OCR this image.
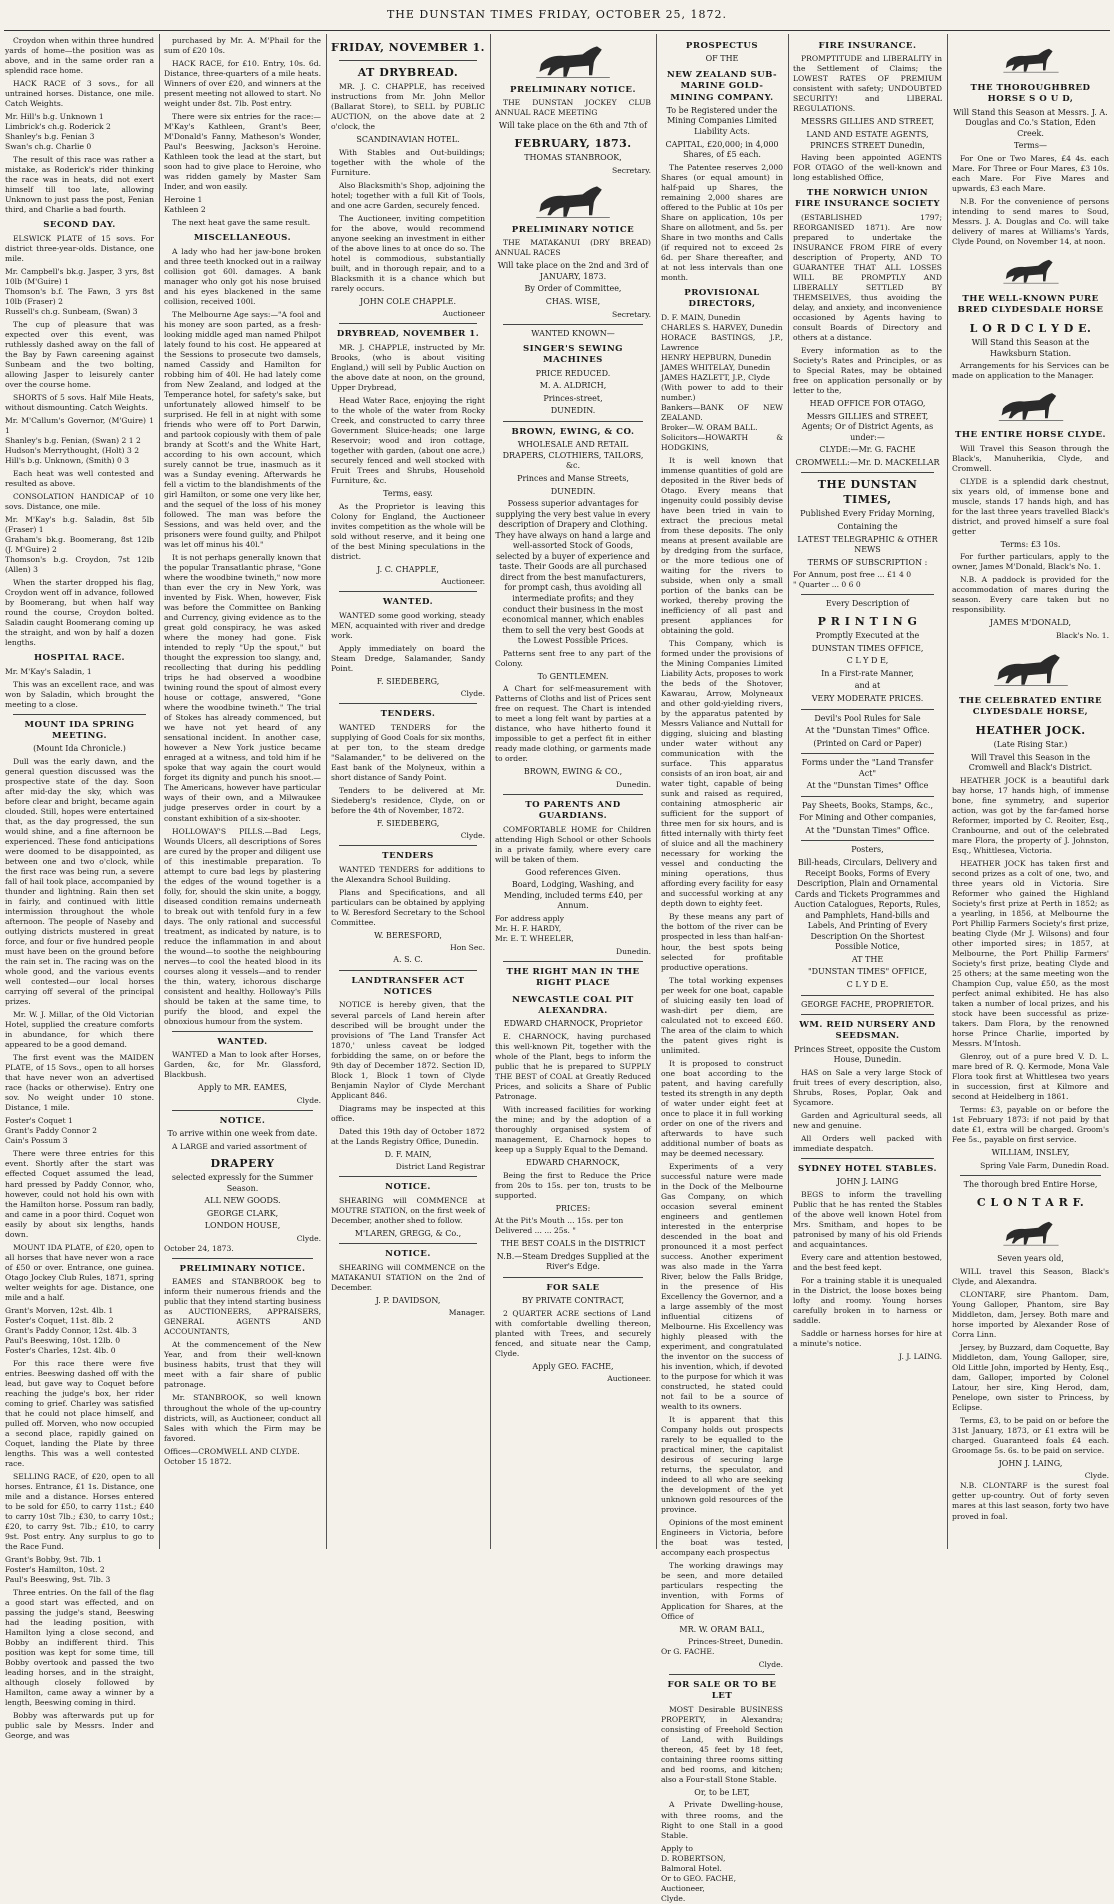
THE DUNSTAN TIMES FRIDAY, OCTOBER 25, 1872.
Croydon when within three hundred yards of home—the position was as above, and in the same order ran a splendid race home.
HACK RACE of 3 sovs., for all untrained horses. Distance, one mile. Catch Weights.
Mr. Hill's b.g. Unknown 1
Limbrick's ch.g. Roderick 2
Shanley's b.g. Fenian 3
Swan's ch.g. Charlie 0
The result of this race was rather a mistake, as Roderick's rider thinking the race was in heats, did not exert himself till too late, allowing Unknown to just pass the post, Fenian third, and Charlie a bad fourth.
SECOND DAY.
ELSWICK PLATE of 15 sovs. For district three-year-olds. Distance, one mile.
Mr. Campbell's bk.g. Jasper, 3 yrs, 8st 10lb (M'Guire) 1
Thomson's b.f. The Fawn, 3 yrs 8st 10lb (Fraser) 2
Russell's ch.g. Sunbeam, (Swan) 3
The cup of pleasure that was expected over this event, was ruthlessly dashed away on the fall of the Bay by Fawn careening against Sunbeam and the two bolting, allowing Jasper to leisurely canter over the course home.
SHORTS of 5 sovs. Half Mile Heats, without dismounting. Catch Weights.
Mr. M'Callum's Governor, (M'Guire) 1 1
Shanley's b.g. Fenian, (Swan) 2 1 2
Hudson's Merrythought, (Holt) 3 2
Hill's b.g. Unknown, (Smith) 0 3
Each heat was well contested and resulted as above.
CONSOLATION HANDICAP of 10 sovs. Distance, one mile.
Mr. M'Kay's b.g. Saladin, 8st 5lb (Fraser) 1
Graham's bk.g. Boomerang, 8st 12lb (J. M'Guire) 2
Thomson's b.g. Croydon, 7st 12lb (Allen) 3
When the starter dropped his flag, Croydon went off in advance, followed by Boomerang, but when half way round the course, Croydon bolted. Saladin caught Boomerang coming up the straight, and won by half a dozen lengths.
HOSPITAL RACE.
Mr. M'Kay's Saladin, 1
This was an excellent race, and was won by Saladin, which brought the meeting to a close.
MOUNT IDA SPRING MEETING.
(Mount Ida Chronicle.)
Dull was the early dawn, and the general question discussed was the prospective state of the day. Soon after mid-day the sky, which was before clear and bright, became again clouded. Still, hopes were entertained that, as the day progressed, the sun would shine, and a fine afternoon be experienced. These fond anticipations were doomed to be disappointed, as between one and two o'clock, while the first race was being run, a severe fall of hail took place, accompanied by thunder and lightning. Rain then set in fairly, and continued with little intermission throughout the whole afternoon. The people of Naseby and outlying districts mustered in great force, and four or five hundred people must have been on the ground before the rain set in. The racing was on the whole good, and the various events well contested—our local horses carrying off several of the principal prizes.
Mr. W. J. Millar, of the Old Victorian Hotel, supplied the creature comforts in abundance, for which there appeared to be a good demand.
The first event was the MAIDEN PLATE, of 15 Sovs., open to all horses that have never won an advertised race (hacks or otherwise). Entry one sov. No weight under 10 stone. Distance, 1 mile.
Foster's Coquet 1
Grant's Paddy Connor 2
Cain's Possum 3
There were three entries for this event. Shortly after the start was effected Coquet assumed the lead, hard pressed by Paddy Connor, who, however, could not hold his own with the Hamilton horse. Possum ran badly, and came in a poor third. Coquet won easily by about six lengths, hands down.
MOUNT IDA PLATE, of £20, open to all horses that have never won a race of £50 or over. Entrance, one guinea. Otago Jockey Club Rules, 1871, spring welter weights for age. Distance, one mile and a half.
Grant's Morven, 12st. 4lb. 1
Foster's Coquet, 11st. 8lb. 2
Grant's Paddy Connor, 12st. 4lb. 3
Paul's Beeswing, 10st. 12lb. 0
Foster's Charles, 12st. 4lb. 0
For this race there were five entries. Beeswing dashed off with the lead, but gave way to Coquet before reaching the judge's box, her rider coming to grief. Charley was satisfied that he could not place himself, and pulled off. Morven, who now occupied a second place, rapidly gained on Coquet, landing the Plate by three lengths. This was a well contested race.
SELLING RACE, of £20, open to all horses. Entrance, £1 1s. Distance, one mile and a distance. Horses entered to be sold for £50, to carry 11st.; £40 to carry 10st 7lb.; £30, to carry 10st.; £20, to carry 9st. 7lb.; £10, to carry 9st. Post entry. Any surplus to go to the Race Fund.
Grant's Bobby, 9st. 7lb. 1
Foster's Hamilton, 10st. 2
Paul's Beeswing, 9st. 7lb. 3
Three entries. On the fall of the flag a good start was effected, and on passing the judge's stand, Beeswing had the leading position, with Hamilton lying a close second, and Bobby an indifferent third. This position was kept for some time, till Bobby overtook and passed the two leading horses, and in the straight, although closely followed by Hamilton, came away a winner by a length, Beeswing coming in third.
Bobby was afterwards put up for public sale by Messrs. Inder and George, and was
purchased by Mr. A. M'Phail for the sum of £20 10s.
HACK RACE, for £10. Entry, 10s. 6d. Distance, three-quarters of a mile heats. Winners of over £20, and winners at the present meeting not allowed to start. No weight under 8st. 7lb. Post entry.
There were six entries for the race:—M'Kay's Kathleen, Grant's Beer, M'Donald's Fanny, Matheson's Wonder, Paul's Beeswing, Jackson's Heroine. Kathleen took the lead at the start, but soon had to give place to Heroine, who was ridden gamely by Master Sam Inder, and won easily.
Heroine 1
Kathleen 2
The next heat gave the same result.
MISCELLANEOUS.
A lady who had her jaw-bone broken and three teeth knocked out in a railway collision got 60l. damages. A bank manager who only got his nose bruised and his eyes blackened in the same collision, received 100l.
The Melbourne Age says:—"A fool and his money are soon parted, as a fresh-looking middle aged man named Philpot lately found to his cost. He appeared at the Sessions to prosecute two damsels, named Cassidy and Hamilton for robbing him of 40l. He had lately come from New Zealand, and lodged at the Temperance hotel, for safety's sake, but unfortunately allowed himself to be surprised. He fell in at night with some friends who were off to Port Darwin, and partook copiously with them of pale brandy at Scott's and the White Hart, according to his own account, which surely cannot be true, inasmuch as it was a Sunday evening. Afterwards he fell a victim to the blandishments of the girl Hamilton, or some one very like her, and the sequel of the loss of his money followed. The man was before the Sessions, and was held over, and the prisoners were found guilty, and Philpot was let off minus his 40l."
It is not perhaps generally known that the popular Transatlantic phrase, "Gone where the woodbine twineth," now more than ever the cry in New York, was invented by Fisk. When, however, Fisk was before the Committee on Banking and Currency, giving evidence as to the great gold conspiracy, he was asked where the money had gone. Fisk intended to reply "Up the spout," but thought the expression too slangy, and, recollecting that during his peddling trips he had observed a woodbine twining round the spout of almost every house or cottage, answered, "Gone where the woodbine twineth." The trial of Stokes has already commenced, but we have not yet heard of any sensational incident. In another case, however a New York justice became enraged at a witness, and told him if he spoke that way again the court would forget its dignity and punch his snoot.—The Americans, however have particular ways of their own, and a Milwaukee judge preserves order in court by a constant exhibition of a six-shooter.
HOLLOWAY'S PILLS.—Bad Legs, Wounds Ulcers, all descriptions of Sores are cured by the proper and diligent use of this inestimable preparation. To attempt to cure bad legs by plastering the edges of the wound together is a folly, for, should the skin unite, a boggy, diseased condition remains underneath to break out with tenfold fury in a few days. The only rational and successful treatment, as indicated by nature, is to reduce the inflammation in and about the wound—to soothe the neighbouring nerves—to cool the heated blood in its courses along it vessels—and to render the thin, watery, ichorous discharge consistent and healthy. Holloway's Pills should be taken at the same time, to purify the blood, and expel the obnoxious humour from the system.
WANTED.
WANTED a Man to look after Horses, Garden, &c, for Mr. Glassford, Blackbush.
Apply to MR. EAMES,
Clyde.
NOTICE.
To arrive within one week from date.
A LARGE and varied assortment of
DRAPERY
selected expressly for the Summer Season.
ALL NEW GOODS.
GEORGE CLARK,
LONDON HOUSE,
Clyde.
October 24, 1873.
PRELIMINARY NOTICE.
EAMES and STANBROOK beg to inform their numerous friends and the public that they intend starting business as AUCTIONEERS, APPRAISERS, GENERAL AGENTS AND ACCOUNTANTS,
At the commencement of the New Year, and from their well-known business habits, trust that they will meet with a fair share of public patronage.
Mr. STANBROOK, so well known throughout the whole of the up-country districts, will, as Auctioneer, conduct all Sales with which the Firm may be favored.
Offices—CROMWELL AND CLYDE.
October 15 1872.
FRIDAY, NOVEMBER 1.
AT DRYBREAD.
MR. J. C. CHAPPLE, has received instructions from Mr. John Mellor (Ballarat Store), to SELL by PUBLIC AUCTION, on the above date at 2 o'clock, the
SCANDINAVIAN HOTEL.
With Stables and Out-buildings; together with the whole of the Furniture.
Also Blacksmith's Shop, adjoining the hotel; together with a full Kit of Tools, and one acre Garden, securely fenced.
The Auctioneer, inviting competition for the above, would recommend anyone seeking an investment in either of the above lines to at once do so. The hotel is commodious, substantially built, and in thorough repair, and to a Blacksmith it is a chance which but rarely occurs.
JOHN COLE CHAPPLE.
Auctioneer
DRYBREAD, NOVEMBER 1.
MR. J. CHAPPLE, instructed by Mr. Brooks, (who is about visiting England,) will sell by Public Auction on the above date at noon, on the ground, Upper Drybread,
Head Water Race, enjoying the right to the whole of the water from Rocky Creek, and constructed to carry three Government Sluice-heads; one large Reservoir; wood and iron cottage, together with garden, (about one acre,) securely fenced and well stocked with Fruit Trees and Shrubs, Household Furniture, &c.
Terms, easy.
As the Proprietor is leaving this Colony for England, the Auctioneer invites competition as the whole will be sold without reserve, and it being one of the best Mining speculations in the district.
J. C. CHAPPLE,
Auctioneer.
WANTED.
WANTED some good working, steady MEN, acquainted with river and dredge work.
Apply immediately on board the Steam Dredge, Salamander, Sandy Point.
F. SIEDEBERG,
Clyde.
TENDERS.
WANTED TENDERS for the supplying of Good Coals for six months, at per ton, to the steam dredge "Salamander," to be delivered on the East bank of the Molyneux, within a short distance of Sandy Point.
Tenders to be delivered at Mr. Siedeberg's residence, Clyde, on or before the 4th of November, 1872.
F. SIEDEBERG,
Clyde.
TENDERS
WANTED TENDERS for additions to the Alexandra School Building.
Plans and Specifications, and all particulars can be obtained by applying to W. Beresford Secretary to the School Committee.
W. BERESFORD,
Hon Sec.
A. S. C.
LANDTRANSFER ACT NOTICES
NOTICE is hereby given, that the several parcels of Land herein after described will be brought under the provisions of 'The Land Transfer Act 1870,' unless caveat be lodged forbidding the same, on or before the 9th day of December 1872. Section ID, Block 1, Block 1 town of Clyde Benjamin Naylor of Clyde Merchant Applicant 846.
Diagrams may be inspected at this office.
Dated this 19th day of October 1872 at the Lands Registry Office, Dunedin.
D. F. MAIN,
District Land Registrar
NOTICE.
SHEARING will COMMENCE at MOUTRE STATION, on the first week of December, another shed to follow.
M'LAREN, GREGG, & Co.,
NOTICE.
SHEARING will COMMENCE on the MATAKANUI STATION on the 2nd of December.
J. P. DAVIDSON,
Manager.
PRELIMINARY NOTICE.
THE DUNSTAN JOCKEY CLUB ANNUAL RACE MEETING
Will take place on the 6th and 7th of
FEBRUARY, 1873.
THOMAS STANBROOK,
Secretary.
PRELIMINARY NOTICE
THE MATAKANUI (DRY BREAD) ANNUAL RACES
Will take place on the 2nd and 3rd of JANUARY, 1873.
By Order of Committee,
CHAS. WISE,
Secretary.
WANTED KNOWN—
SINGER'S SEWING MACHINES
PRICE REDUCED.
M. A. ALDRICH,
Princes-street,
DUNEDIN.
BROWN, EWING, & CO.
WHOLESALE AND RETAIL DRAPERS, CLOTHIERS, TAILORS, &c.
Princes and Manse Streets,
DUNEDIN.
Possess superior advantages for supplying the very best value in every description of Drapery and Clothing. They have always on hand a large and well-assorted Stock of Goods, selected by a buyer of experience and taste. Their Goods are all purchased direct from the best manufacturers, for prompt cash, thus avoiding all intermediate profits; and they conduct their business in the most economical manner, which enables them to sell the very best Goods at the Lowest Possible Prices.
Patterns sent free to any part of the Colony.
To GENTLEMEN.
A Chart for self-measurement with Patterns of Cloths and list of Prices sent free on request. The Chart is intended to meet a long felt want by parties at a distance, who have hitherto found it impossible to get a perfect fit in either ready made clothing, or garments made to order.
BROWN, EWING & CO.,
Dunedin.
TO PARENTS AND GUARDIANS.
COMFORTABLE HOME for Children attending High School or other Schools in a private family, where every care will be taken of them.
Good references Given.
Board, Lodging, Washing, and Mending, included terms £40, per Annum.
For address apply
Mr. H. F. HARDY,
Mr. E. T. WHEELER,
Dunedin.
THE RIGHT MAN IN THE RIGHT PLACE
NEWCASTLE COAL PIT ALEXANDRA.
EDWARD CHARNOCK, Proprietor
E. CHARNOCK, having purchased this well-known Pit, together with the whole of the Plant, begs to inform the public that he is prepared to SUPPLY THE BEST of COAL at Greatly Reduced Prices, and solicits a Share of Public Patronage.
With increased facilities for working the mine; and by the adoption of a thoroughly organised system of management, E. Charnock hopes to keep up a Supply Equal to the Demand.
EDWARD CHARNOCK,
Being the first to Reduce the Price from 20s to 15s. per ton, trusts to be supported.
PRICES:
At the Pit's Mouth ... 15s. per ton
Delivered ... ... 25s. "
THE BEST COALS in the DISTRICT
N.B.—Steam Dredges Supplied at the River's Edge.
FOR SALE
BY PRIVATE CONTRACT,
2 QUARTER ACRE sections of Land with comfortable dwelling thereon, planted with Trees, and securely fenced, and situate near the Camp, Clyde.
Apply GEO. FACHE,
Auctioneer.
PROSPECTUS
OF THE
NEW ZEALAND SUB-MARINE GOLD-MINING COMPANY.
To be Registered under the Mining Companies Limited Liability Acts.
CAPITAL, £20,000; in 4,000 Shares, of £5 each.
The Patentee reserves 2,000 Shares (or equal amount) in half-paid up Shares, the remaining 2,000 shares are offered to the Public at 10s per Share on application, 10s per Share on allotment, and 5s. per Share in two months and Calls (if required not to exceed 2s 6d. per Share thereafter, and at not less intervals than one month.
PROVISIONAL DIRECTORS,
D. F. MAIN, Dunedin
CHARLES S. HARVEY, Dunedin
HORACE BASTINGS, J.P., Lawrence
HENRY HEPBURN, Dunedin
JAMES WHITELAY, Dunedin
JAMES HAZLETT, J.P., Clyde
(With power to add to their number.)
Bankers—BANK OF NEW ZEALAND.
Broker—W. ORAM BALL.
Solicitors—HOWARTH & HODGKINS,
It is well known that immense quantities of gold are deposited in the River beds of Otago. Every means that ingenuity could possibly devise have been tried in vain to extract the precious metal from these deposits. The only means at present available are by dredging from the surface, or the more tedious one of waiting for the rivers to subside, when only a small portion of the banks can be worked, thereby proving the inefficiency of all past and present appliances for obtaining the gold.
This Company, which is formed under the provisions of the Mining Companies Limited Liability Acts, proposes to work the beds of the Shotover, Kawarau, Arrow, Molyneaux and other gold-yielding rivers, by the apparatus patented by Messrs Valiance and Nuttall for digging, sluicing and blasting under water without any communication with the surface. This apparatus consists of an iron boat, air and water tight, capable of being sunk and raised as required, containing atmospheric air sufficient for the support of three men for six hours, and is fitted internally with thirty feet of sluice and all the machinery necessary for working the vessel and conducting the mining operations, thus affording every facility for easy and successful working at any depth down to eighty feet.
By these means any part of the bottom of the river can be prospected in less than half-an-hour, the best spots being selected for profitable productive operations.
The total working expenses per week for one boat, capable of sluicing easily ten load of wash-dirt per diem, are calculated not to exceed £60. The area of the claim to which the patent gives right is unlimited.
It is proposed to construct one boat according to the patent, and having carefully tested its strength in any depth of water under eight feet at once to place it in full working order on one of the rivers and afterwards to have such additional number of boats as may be deemed necessary.
Experiments of a very successful nature were made in the Dock of the Melbourne Gas Company, on which occasion several eminent engineers and gentlemen interested in the enterprise descended in the boat and pronounced it a most perfect success. Another experiment was also made in the Yarra River, below the Falls Bridge, in the presence of His Excellency the Governor, and a a large assembly of the most influential citizens of Melbourne. His Excellency was highly pleased with the experiment, and congratulated the inventor on the success of his invention, which, if devoted to the purpose for which it was constructed, he stated could not fail to be a source of wealth to its owners.
It is apparent that this Company holds out prospects rarely to be equalled to the practical miner, the capitalist desirous of securing large returns, the speculator, and indeed to all who are seeking the development of the yet unknown gold resources of the province.
Opinions of the most eminent Engineers in Victoria, before the boat was tested, accompany each prospectus
The working drawings may be seen, and more detailed particulars respecting the invention, with Forms of Application for Shares, at the Office of
MR. W. ORAM BALL,
Princes-Street, Dunedin.
Or G. FACHE.
Clyde.
FOR SALE OR TO BE LET
MOST Desirable BUSINESS PROPERTY, in Alexandra; consisting of Freehold Section of Land, with Buildings thereon, 45 feet by 18 feet, containing three rooms sitting and bed rooms, and kitchen; also a Four-stall Stone Stable.
Or, to be LET,
A Private Dwelling-house, with three rooms, and the Right to one Stall in a good Stable.
Apply to
D. ROBERTSON,
Balmoral Hotel.
Or to GEO. FACHE,
Auctioneer,
Clyde.
FIRE INSURANCE.
PROMPTITUDE and LIBERALITY in the Settlement of Claims; the LOWEST RATES OF PREMIUM consistent with safety; UNDOUBTED SECURITY! and LIBERAL REGULATIONS.
MESSRS GILLIES AND STREET,
LAND AND ESTATE AGENTS, PRINCES STREET Dunedin,
Having been appointed AGENTS FOR OTAGO of the well-known and long established Office,
THE NORWICH UNION FIRE INSURANCE SOCIETY
(ESTABLISHED 1797; REORGANISED 1871). Are now prepared to undertake the INSURANCE FROM FIRE of every description of Property, AND TO GUARANTEE THAT ALL LOSSES WILL BE PROMPTLY AND LIBERALLY SETTLED BY THEMSELVES, thus avoiding the delay, and anxiety, and inconvenience occasioned by Agents having to consult Boards of Directory and others at a distance.
Every information as to the Society's Rates and Principles, or as to Special Rates, may be obtained free on application personally or by letter to the,
HEAD OFFICE FOR OTAGO,
Messrs GILLIES and STREET, Agents; Or of District Agents, as under:—
CLYDE:—Mr. G. FACHE
CROMWELL:—Mr. D. MACKELLAR
THE DUNSTAN TIMES,
Published Every Friday Morning,
Containing the
LATEST TELEGRAPHIC & OTHER NEWS
TERMS OF SUBSCRIPTION :
For Annum, post free ... £1 4 0
" Quarter ... 0 6 0
Every Description of
P R I N T I N G
Promptly Executed at the
DUNSTAN TIMES OFFICE,
C L Y D E,
In a First-rate Manner,
and at
VERY MODERATE PRICES.
Devil's Pool Rules for Sale
At the "Dunstan Times" Office.
(Printed on Card or Paper)
Forms under the "Land Transfer Act"
At the "Dunstan Times" Office
Pay Sheets, Books, Stamps, &c.,
For Mining and Other companies,
At the "Dunstan Times" Office.
Posters,
Bill-heads, Circulars, Delivery and Receipt Books, Forms of Every Description, Plain and Ornamental Cards and Tickets Programmes and Auction Catalogues, Reports, Rules, and Pamphlets, Hand-bills and Labels, And Printing of Every Description On the Shortest Possible Notice,
AT THE
"DUNSTAN TIMES" OFFICE,
C L Y D E.
GEORGE FACHE, PROPRIETOR.
WM. REID NURSERY AND SEEDSMAN.
Princes Street, opposite the Custom House, Dunedin.
HAS on Sale a very large Stock of fruit trees of every description, also, Shrubs, Roses, Poplar, Oak and Sycamore.
Garden and Agricultural seeds, all new and genuine.
All Orders well packed with immediate despatch.
SYDNEY HOTEL STABLES.
JOHN J. LAING
BEGS to inform the travelling Public that he has rented the Stables of the above well known Hotel from Mrs. Smitham, and hopes to be patronised by many of his old Friends and acquaintances.
Every care and attention bestowed, and the best feed kept.
For a training stable it is unequaled in the District, the loose boxes being lofty and roomy. Young horses carefully broken in to harness or saddle.
Saddle or harness horses for hire at a minute's notice.
J. J. LAING.
THE THOROUGHBRED HORSE S O U D,
Will Stand this Season at Messrs. J. A. Douglas and Co.'s Station, Eden Creek.
Terms—
For One or Two Mares, £4 4s. each Mare. For Three or Four Mares, £3 10s. each Mare. For Five Mares and upwards, £3 each Mare.
N.B. For the convenience of persons intending to send mares to Soud, Messrs. J. A. Douglas and Co. will take delivery of mares at Williams's Yards, Clyde Pound, on November 14, at noon.
THE WELL-KNOWN PURE BRED CLYDESDALE HORSE
L O R D C L Y D E.
Will Stand this Season at the Hawksburn Station.
Arrangements for his Services can be made on application to the Manager.
THE ENTIRE HORSE CLYDE.
Will Travel this Season through the Black's, Manuherikia, Clyde, and Cromwell.
CLYDE is a splendid dark chestnut, six years old, of immense bone and muscle, stands 17 hands high, and has for the last three years travelled Black's district, and proved himself a sure foal getter
Terms: £3 10s.
For further particulars, apply to the owner, James M'Donald, Black's No. 1.
N.B. A paddock is provided for the accommodation of mares during the season. Every care taken but no responsibility.
JAMES M'DONALD,
Black's No. 1.
THE CELEBRATED ENTIRE CLYDESDALE HORSE,
HEATHER JOCK.
(Late Rising Star.)
Will Travel this Season in the Cromwell and Black's District.
HEATHER JOCK is a beautiful dark bay horse, 17 hands high, of immense bone, fine symmetry, and superior action, was got by the far-famed horse Reformer, imported by C. Reoiter, Esq., Cranbourne, and out of the celebrated mare Flora, the property of J. Johnston, Esq., Whittlesea, Victoria.
HEATHER JOCK has taken first and second prizes as a colt of one, two, and three years old in Victoria. Sire Reformer who gained the Highland Society's first prize at Perth in 1852; as a yearling, in 1856, at Melbourne the Port Phillip Farmers Society's first prize, beating Clyde (Mr J. Wilsons) and four other imported sires; in 1857, at Melbourne, the Port Phillip Farmers' Society's first prize, beating Clyde and 25 others; at the same meeting won the Champion Cup, value £50, as the most perfect animal exhibited. He has also taken a number of local prizes, and his stock have been successful as prize-takers. Dam Flora, by the renowned horse Prince Charlie, imported by Messrs. M'Intosh.
Glenroy, out of a pure bred V. D. L. mare bred of R. Q. Kermode, Mona Vale Flora took first at Whittlesea two years in succession, first at Kilmore and second at Heidelberg in 1861.
Terms: £3, payable on or before the 1st February 1873: if not paid by that date £1, extra will be charged. Groom's Fee 5s., payable on first service.
WILLIAM, INSLEY,
Spring Vale Farm, Dunedin Road.
The thorough bred Entire Horse,
C L O N T A R F.
Seven years old,
WILL travel this Season, Black's Clyde, and Alexandra.
CLONTARF, sire Phantom. Dam, Young Galloper, Phantom, sire Bay Middleton, dam, Jersey. Both mare and horse imported by Alexander Rose of Corra Linn.
Jersey, by Buzzard, dam Coquette, Bay Middleton, dam, Young Galloper, sire, Old Little John, imported by Henty, Esq., dam, Galloper, imported by Colonel Latour, her sire, King Herod, dam, Penelope, own sister to Princess, by Eclipse.
Terms, £3, to be paid on or before the 31st January, 1873, or £1 extra will be charged. Guaranteed foals £4 each. Groomage 5s. 6s. to be paid on service.
JOHN J. LAING,
Clyde.
N.B. CLONTARF is the surest foal getter up-country. Out of forty seven mares at this last season, forty two have proved in foal.
